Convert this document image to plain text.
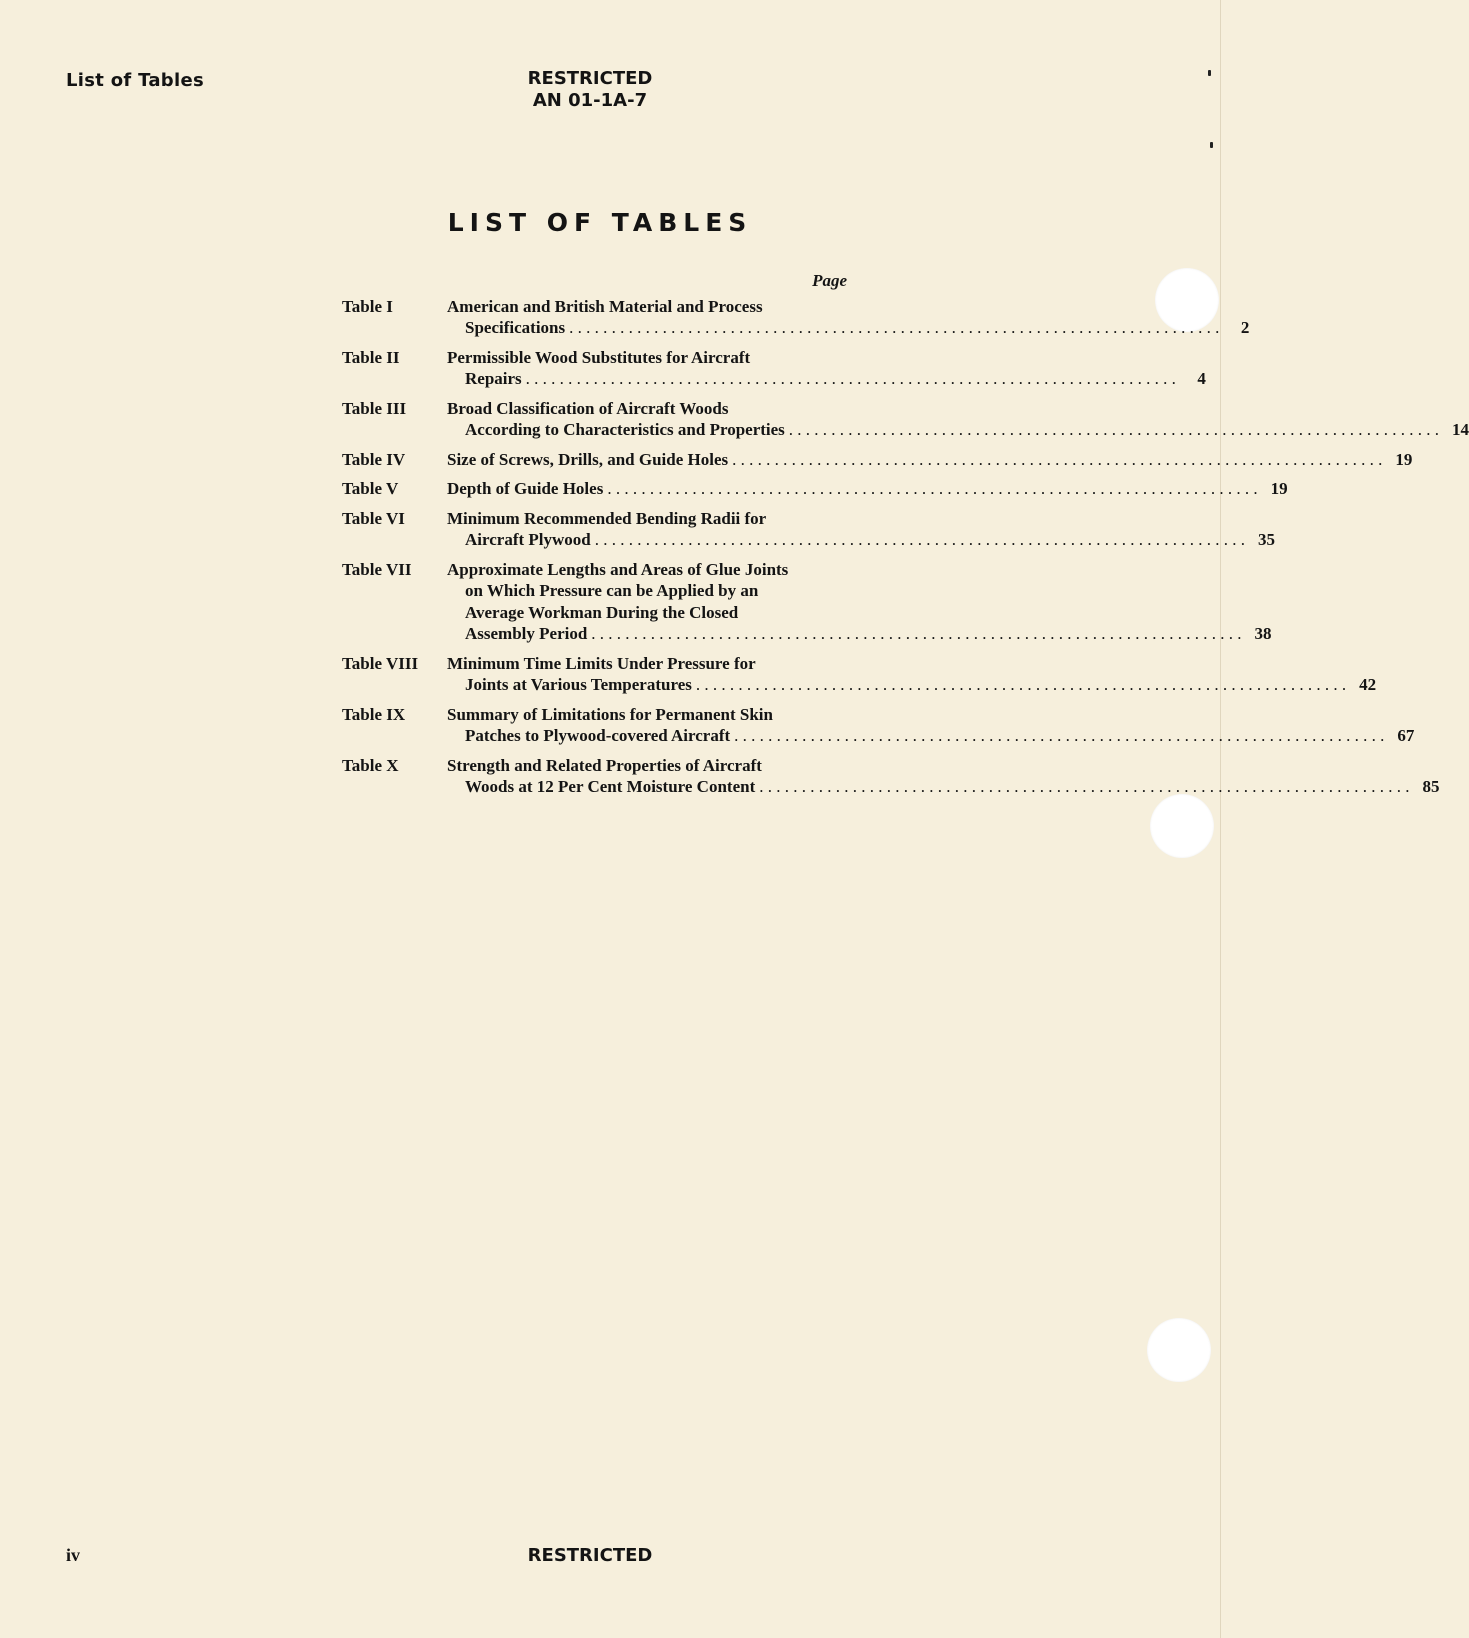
List of Tables	RESTRICTED
AN 01-1A-7
LIST OF TABLES
Page
Table I	American and British Material and Process
Specifications . . .	2
Table II	Permissible Wood Substitutes for Aircraft
Repairs . . .	4
Table III	Broad Classification of Aircraft Woods
According to Characteristics and Properties . . .	14
Table IV	Size of Screws, Drills, and Guide Holes . . .	19
Table V	Depth of Guide Holes . . .	19
Table VI	Minimum Recommended Bending Radii for
Aircraft Plywood . . .	35
Table VII	Approximate Lengths and Areas of Glue Joints
on Which Pressure can be Applied by an
Average Workman During the Closed
Assembly Period . . .	38
Table VIII	Minimum Time Limits Under Pressure for
Joints at Various Temperatures . . .	42
Table IX	Summary of Limitations for Permanent Skin
Patches to Plywood-covered Aircraft . . .	67
Table X	Strength and Related Properties of Aircraft
Woods at 12 Per Cent Moisture Content . . .	85
iv	RESTRICTED
